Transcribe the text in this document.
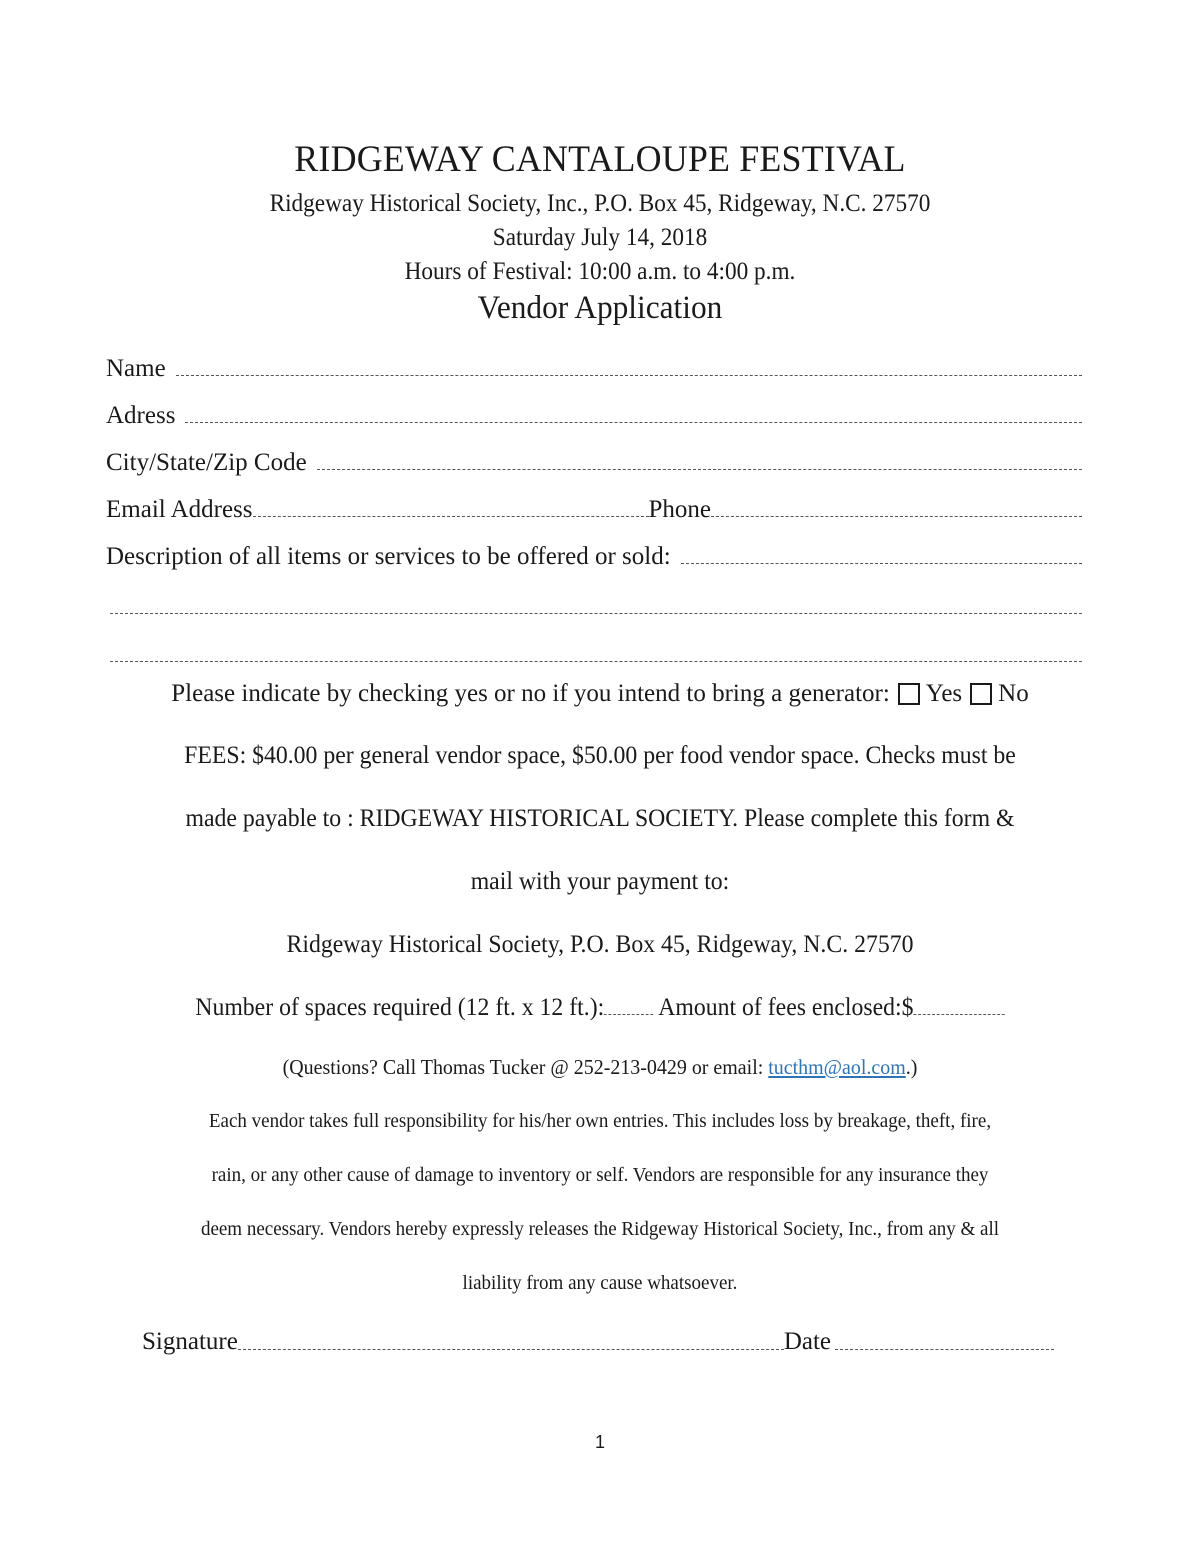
RIDGEWAY CANTALOUPE FESTIVAL
Ridgeway Historical Society, Inc., P.O. Box 45, Ridgeway, N.C. 27570
Saturday July 14, 2018
Hours of Festival: 10:00 a.m. to 4:00 p.m.
Vendor Application
Name
Adress
City/State/Zip Code
Email Address	Phone
Description of all items or services to be offered or sold:
Please indicate by checking yes or no if you intend to bring a generator: Yes No
FEES: $40.00 per general vendor space, $50.00 per food vendor space. Checks must be
made payable to : RIDGEWAY HISTORICAL SOCIETY. Please complete this form &
mail with your payment to:
Ridgeway Historical Society, P.O. Box 45, Ridgeway, N.C. 27570
Number of spaces required (12 ft. x 12 ft.): Amount of fees enclosed:$
(Questions? Call Thomas Tucker @ 252-213-0429 or email: tucthm@aol.com.)
Each vendor takes full responsibility for his/her own entries. This includes loss by breakage, theft, fire,
rain, or any other cause of damage to inventory or self. Vendors are responsible for any insurance they
deem necessary. Vendors hereby expressly releases the Ridgeway Historical Society, Inc., from any & all
liability from any cause whatsoever.
Signature	Date
1
